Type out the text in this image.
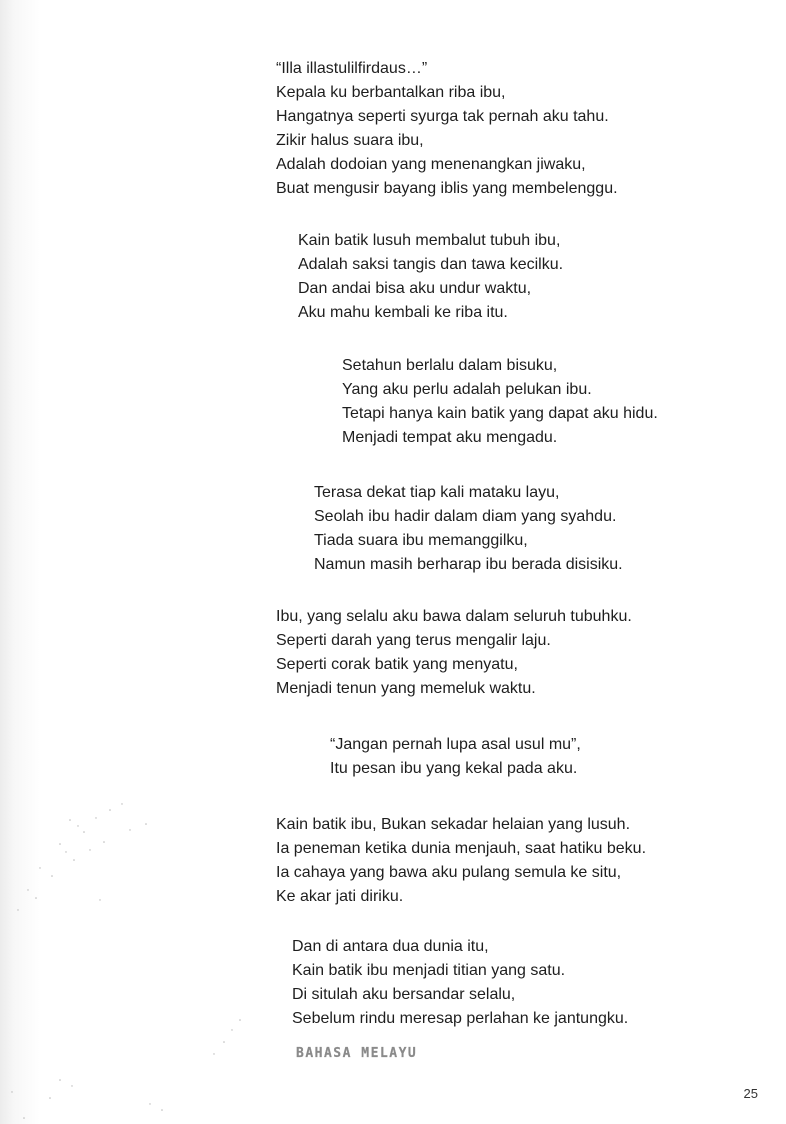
“Illa illastulilfirdaus…”
Kepala ku berbantalkan riba ibu,
Hangatnya seperti syurga tak pernah aku tahu.
Zikir halus suara ibu,
Adalah dodoian yang menenangkan jiwaku,
Buat mengusir bayang iblis yang membelenggu.
Kain batik lusuh membalut tubuh ibu,
Adalah saksi tangis dan tawa kecilku.
Dan andai bisa aku undur waktu,
Aku mahu kembali ke riba itu.
Setahun berlalu dalam bisuku,
Yang aku perlu adalah pelukan ibu.
Tetapi hanya kain batik yang dapat aku hidu.
Menjadi tempat aku mengadu.
Terasa dekat tiap kali mataku layu,
Seolah ibu hadir dalam diam yang syahdu.
Tiada suara ibu memanggilku,
Namun masih berharap ibu berada disisiku.
Ibu, yang selalu aku bawa dalam seluruh tubuhku.
Seperti darah yang terus mengalir laju.
Seperti corak batik yang menyatu,
Menjadi tenun yang memeluk waktu.
“Jangan pernah lupa asal usul mu”,
Itu pesan ibu yang kekal pada aku.
Kain batik ibu, Bukan sekadar helaian yang lusuh.
Ia peneman ketika dunia menjauh, saat hatiku beku.
Ia cahaya yang bawa aku pulang semula ke situ,
Ke akar jati diriku.
Dan di antara dua dunia itu,
Kain batik ibu menjadi titian yang satu.
Di situlah aku bersandar selalu,
Sebelum rindu meresap perlahan ke jantungku.
BAHASA MELAYU
25
